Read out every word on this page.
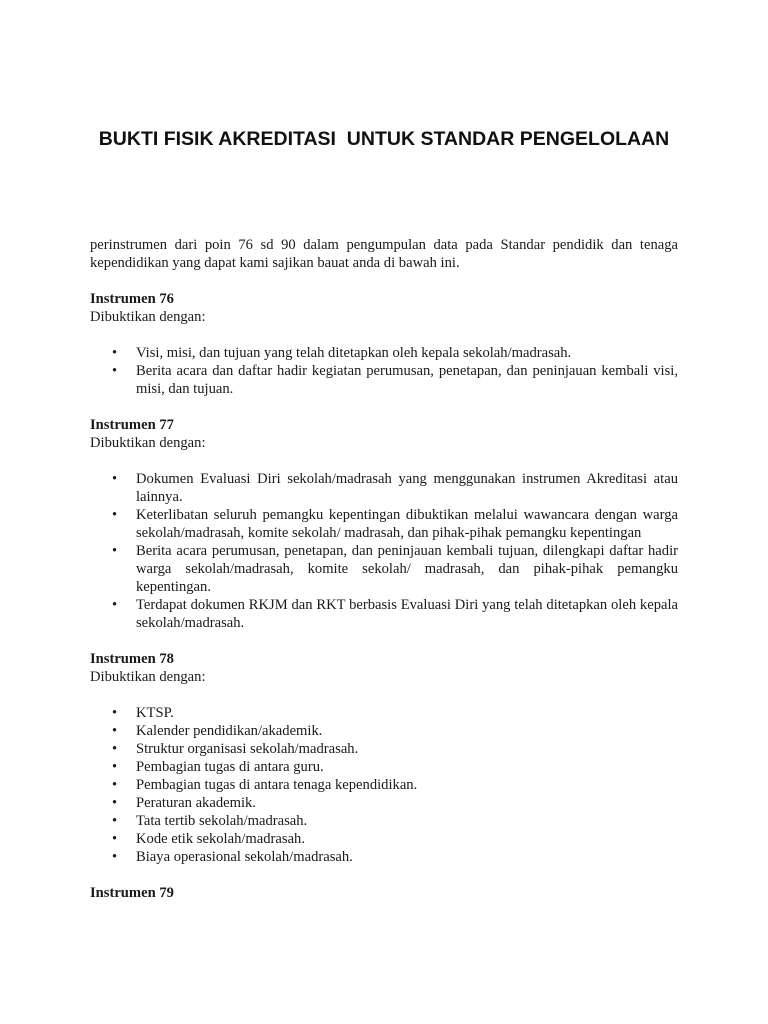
BUKTI FISIK AKREDITASI  UNTUK STANDAR PENGELOLAAN

perinstrumen dari poin 76 sd 90 dalam pengumpulan data pada Standar pendidik dan tenaga kependidikan yang dapat kami sajikan bauat anda di bawah ini.

Instrumen 76

Dibuktikan dengan:

• Visi, misi, dan tujuan yang telah ditetapkan oleh kepala sekolah/madrasah.
• Berita acara dan daftar hadir kegiatan perumusan, penetapan, dan peninjauan kembali visi, misi, dan tujuan.

Instrumen 77

Dibuktikan dengan:

• Dokumen Evaluasi Diri sekolah/madrasah yang menggunakan instrumen Akreditasi atau lainnya.
• Keterlibatan seluruh pemangku kepentingan dibuktikan melalui wawancara dengan warga sekolah/madrasah, komite sekolah/ madrasah, dan pihak-pihak pemangku kepentingan
• Berita acara perumusan, penetapan, dan peninjauan kembali tujuan, dilengkapi daftar hadir warga sekolah/madrasah, komite sekolah/ madrasah, dan pihak-pihak pemangku kepentingan.
• Terdapat dokumen RKJM dan RKT berbasis Evaluasi Diri yang telah ditetapkan oleh kepala sekolah/madrasah.

Instrumen 78

Dibuktikan dengan:

• KTSP.
• Kalender pendidikan/akademik.
• Struktur organisasi sekolah/madrasah.
• Pembagian tugas di antara guru.
• Pembagian tugas di antara tenaga kependidikan.
• Peraturan akademik.
• Tata tertib sekolah/madrasah.
• Kode etik sekolah/madrasah.
• Biaya operasional sekolah/madrasah.

Instrumen 79
